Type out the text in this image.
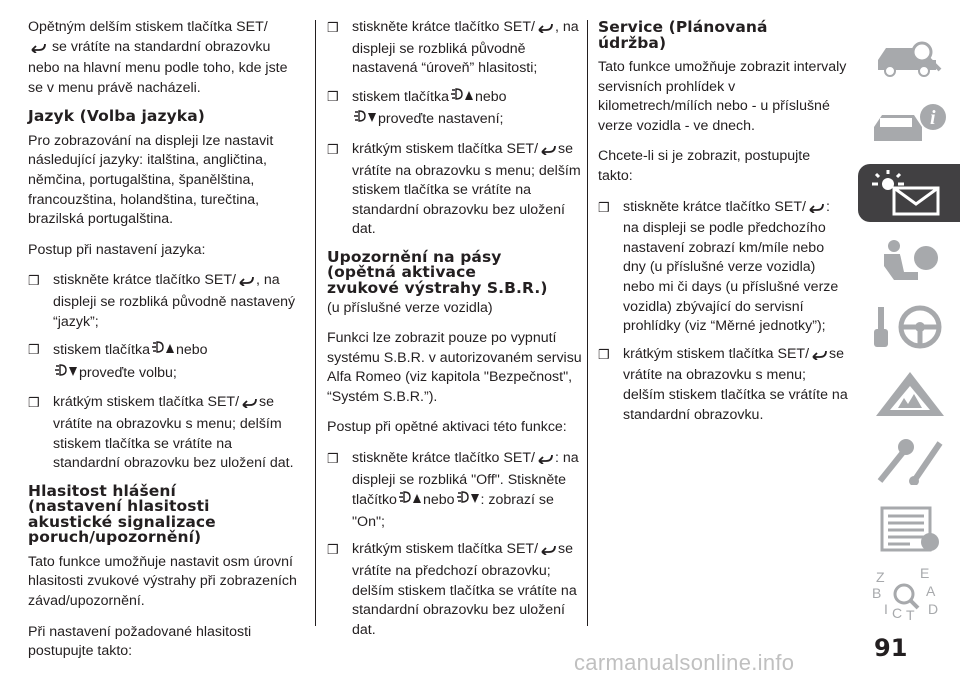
Opětným delším stiskem tlačítka SET/
se vrátíte na standardní obrazovku nebo na hlavní menu podle toho, kde jste se v menu právě nacházeli.

Jazyk (Volba jazyka)

Pro zobrazování na displeji lze nastavit následující jazyky: italština, angličtina, němčina, portugalština, španělština, francouzština, holandština, turečtina, brazilská portugalština.

Postup při nastavení jazyka:

❒ stiskněte krátce tlačítko SET/ , na displeji se rozbliká původně nastavený “jazyk”;
❒ stiskem tlačítka nebo
proveďte volbu;
❒ krátkým stiskem tlačítka SET/ se vrátíte na obrazovku s menu; delším stiskem tlačítka se vrátíte na standardní obrazovku bez uložení dat.
Hlasitost hlášení
(nastavení hlasitosti
akustické signalizace
poruch/upozornění)

Tato funkce umožňuje nastavit osm úrovní hlasitosti zvukové výstrahy při zobrazeních závad/upozornění.

Při nastavení požadované hlasitosti postupujte takto:

❒ stiskněte krátce tlačítko SET/ , na displeji se rozbliká původně nastavená “úroveň” hlasitosti;
❒ stiskem tlačítka nebo
proveďte nastavení;
❒ krátkým stiskem tlačítka SET/ se vrátíte na obrazovku s menu; delším stiskem tlačítka se vrátíte na standardní obrazovku bez uložení dat.
Upozornění na pásy
(opětná aktivace
zvukové výstrahy S.B.R.)

(u příslušné verze vozidla)

Funkci lze zobrazit pouze po vypnutí systému S.B.R. v autorizovaném servisu Alfa Romeo (viz kapitola "Bezpečnost", “Systém S.B.R.”).

Postup při opětné aktivaci této funkce:

❒ stiskněte krátce tlačítko SET/ : na displeji se rozbliká "Off". Stiskněte tlačítko nebo : zobrazí se "On";
❒ krátkým stiskem tlačítka SET/ se vrátíte na předchozí obrazovku; delším stiskem tlačítka se vrátíte na standardní obrazovku bez uložení dat.
Service (Plánovaná
údržba)

Tato funkce umožňuje zobrazit intervaly servisních prohlídek v kilometrech/mílích nebo - u příslušné verze vozidla - ve dnech.

Chcete-li si je zobrazit, postupujte takto:

❒ stiskněte krátce tlačítko SET/ : na displeji se podle předchozího nastavení zobrazí km/míle nebo dny (u příslušné verze vozidla) nebo mi či days (u příslušné verze vozidla) zbývající do servisní prohlídky (viz “Měrné jednotky”);
❒ krátkým stiskem tlačítka SET/ se vrátíte na obrazovku s menu; delším stiskem tlačítka se vrátíte na standardní obrazovku.
i
Z	E
B	A
I C T D
91
carmanualsonline.info
